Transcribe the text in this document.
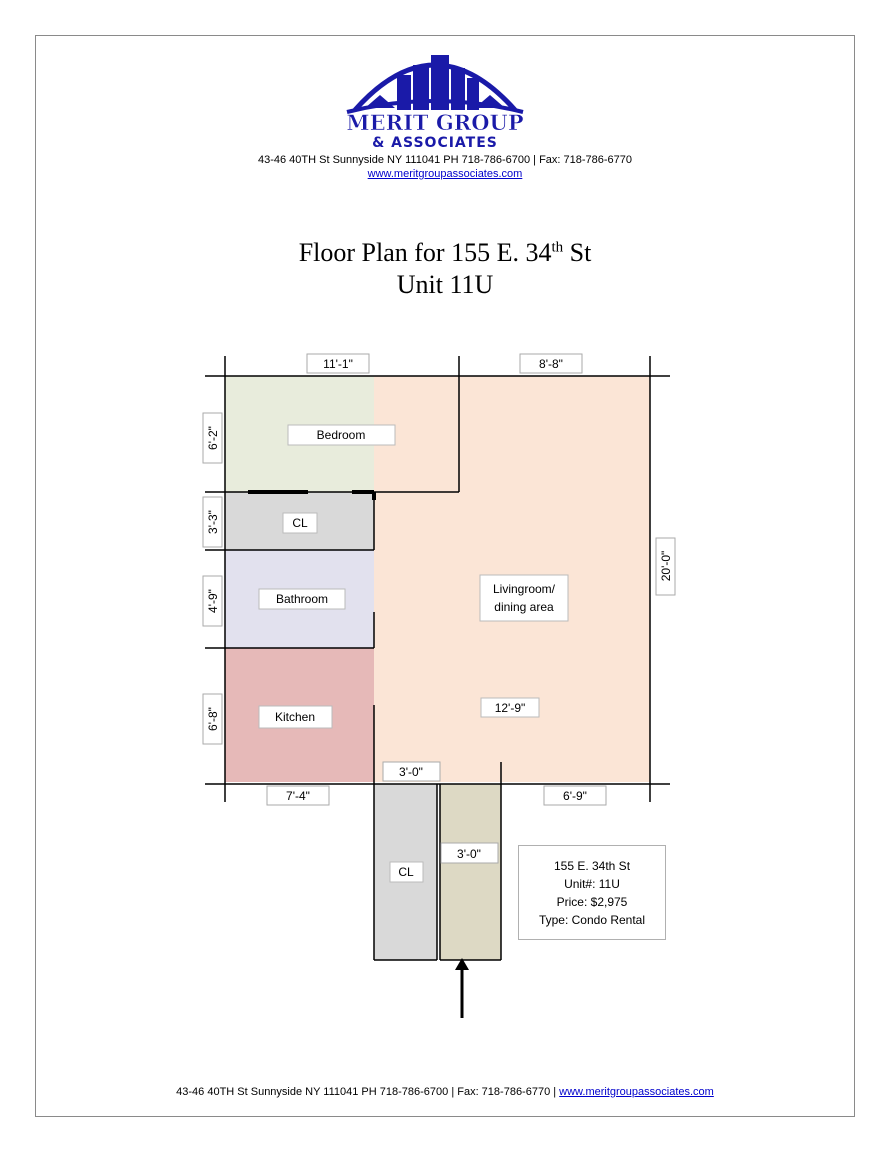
MERIT GROUP
& ASSOCIATES
43-46 40TH St Sunnyside NY 111041 PH 718-786-6700 | Fax: 718-786-6770
www.meritgroupassociates.com
Floor Plan for 155 E. 34th St
Unit 11U
Bedroom
CL
Bathroom
Kitchen
Livingroom/
dining area
CL
11'-1"	8'-8"
12'-9"
3'-0"
7'-4"	6'-9"
3'-0"
6'-2"
3'-3"
4'-9"
6'-8"
20'-0"
155 E. 34th St
Unit#: 11U
Price: $2,975
Type: Condo Rental
43-46 40TH St Sunnyside NY 111041 PH 718-786-6700 | Fax: 718-786-6770 | www.meritgroupassociates.com
